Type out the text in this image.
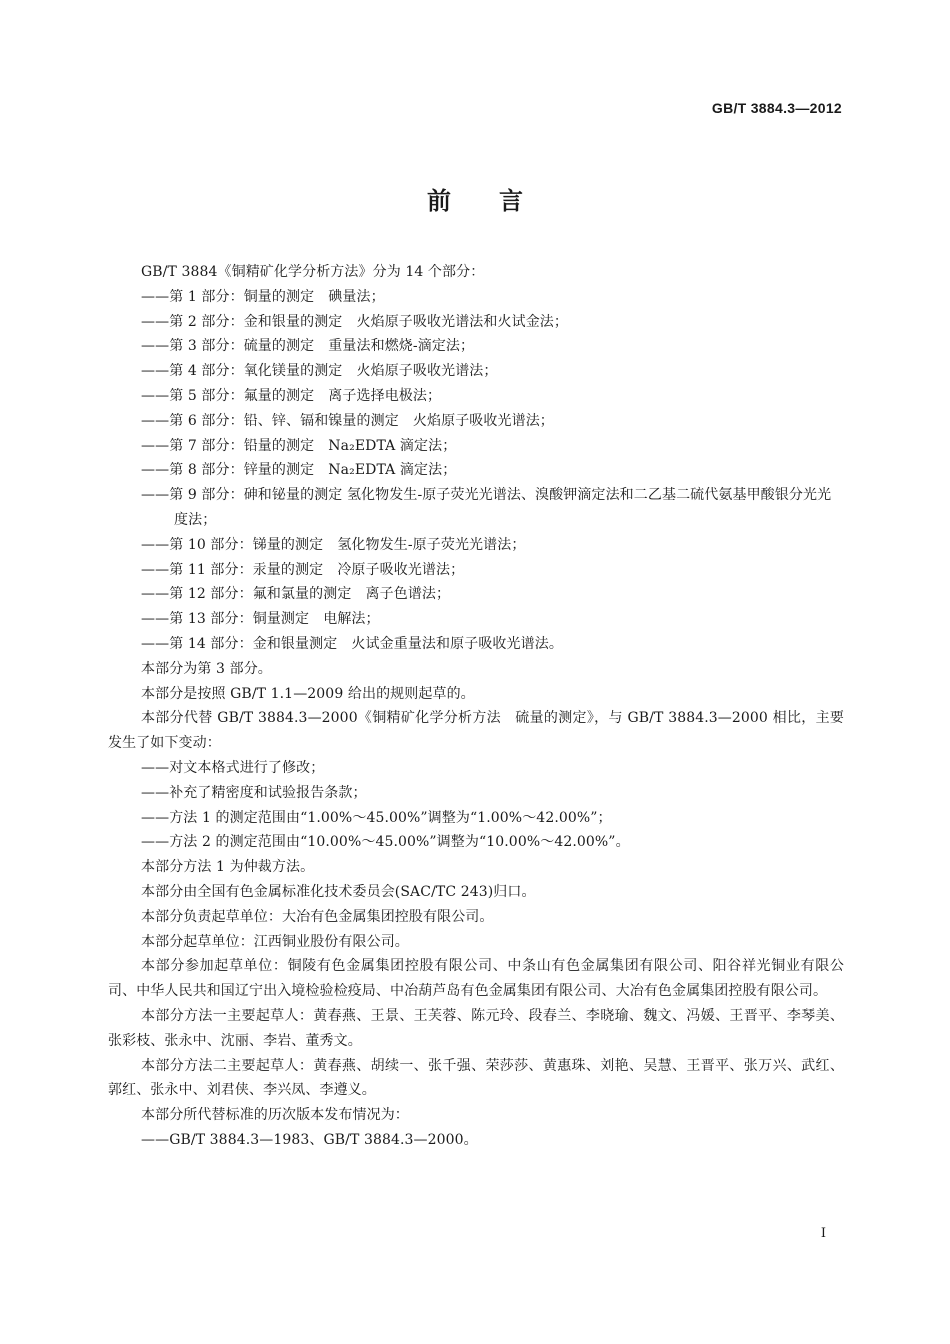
GB/T 3884.3—2012
前　　言
GB/T 3884《铜精矿化学分析方法》分为 14 个部分：
——第 1 部分：铜量的测定　碘量法；
——第 2 部分：金和银量的测定　火焰原子吸收光谱法和火试金法；
——第 3 部分：硫量的测定　重量法和燃烧-滴定法；
——第 4 部分：氧化镁量的测定　火焰原子吸收光谱法；
——第 5 部分：氟量的测定　离子选择电极法；
——第 6 部分：铅、锌、镉和镍量的测定　火焰原子吸收光谱法；
——第 7 部分：铅量的测定　Na₂EDTA 滴定法；
——第 8 部分：锌量的测定　Na₂EDTA 滴定法；
——第 9 部分：砷和铋量的测定 氢化物发生-原子荧光光谱法、溴酸钾滴定法和二乙基二硫代氨基甲酸银分光光度法；
——第 10 部分：锑量的测定　氢化物发生-原子荧光光谱法；
——第 11 部分：汞量的测定　冷原子吸收光谱法；
——第 12 部分：氟和氯量的测定　离子色谱法；
——第 13 部分：铜量测定　电解法；
——第 14 部分：金和银量测定　火试金重量法和原子吸收光谱法。
本部分为第 3 部分。
本部分是按照 GB/T 1.1—2009 给出的规则起草的。
本部分代替 GB/T 3884.3—2000《铜精矿化学分析方法　硫量的测定》，与 GB/T 3884.3—2000 相比，主要发生了如下变动：
——对文本格式进行了修改；
——补充了精密度和试验报告条款；
——方法 1 的测定范围由“1.00%～45.00%”调整为“1.00%～42.00%”；
——方法 2 的测定范围由“10.00%～45.00%”调整为“10.00%～42.00%”。
本部分方法 1 为仲裁方法。
本部分由全国有色金属标准化技术委员会(SAC/TC 243)归口。
本部分负责起草单位：大冶有色金属集团控股有限公司。
本部分起草单位：江西铜业股份有限公司。
本部分参加起草单位：铜陵有色金属集团控股有限公司、中条山有色金属集团有限公司、阳谷祥光铜业有限公司、中华人民共和国辽宁出入境检验检疫局、中冶葫芦岛有色金属集团有限公司、大冶有色金属集团控股有限公司。
本部分方法一主要起草人：黄春燕、王景、王芙蓉、陈元玲、段春兰、李晓瑜、魏文、冯媛、王晋平、李琴美、张彩枝、张永中、沈丽、李岩、董秀文。
本部分方法二主要起草人：黄春燕、胡续一、张千强、荣莎莎、黄惠珠、刘艳、吴慧、王晋平、张万兴、武红、郭红、张永中、刘君侠、李兴凤、李遵义。
本部分所代替标准的历次版本发布情况为：
——GB/T 3884.3—1983、GB/T 3884.3—2000。
I
